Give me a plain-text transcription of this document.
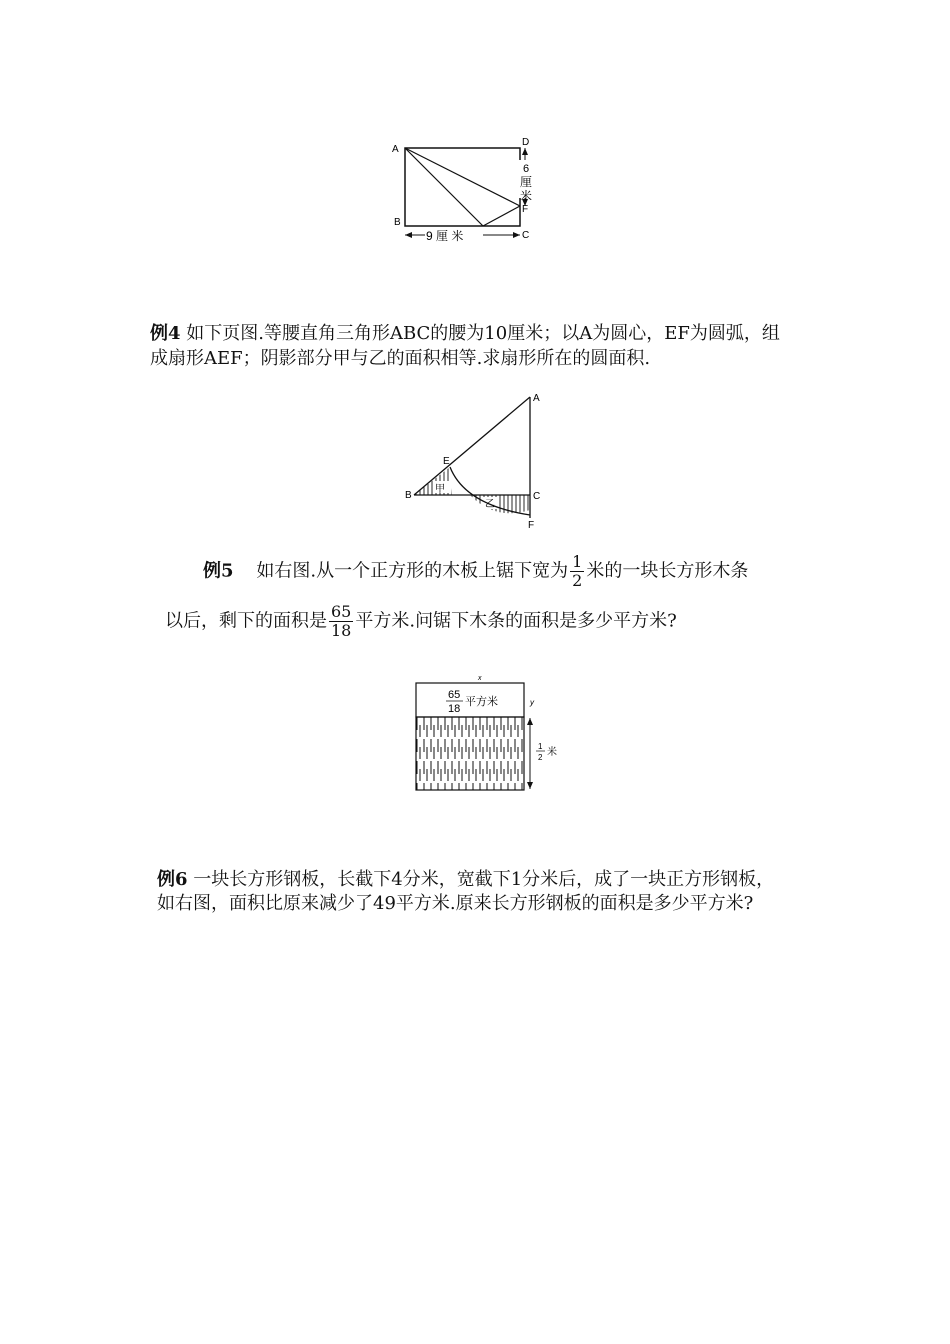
A
B
C
D
F
6
厘
米
9 厘 米
例4 如下页图.等腰直角三角形ABC的腰为10厘米；以A为圆心，EF为圆弧，组
成扇形AEF；阴影部分甲与乙的面积相等.求扇形所在的圆面积.
A
E
B	C
F
甲
乙
例5 如右图.从一个正方形的木板上锯下宽为 $\frac{1}{2}$ 米的一块长方形木条
以后，剩下的面积是 $\frac{65}{18}$ 平方米.问锯下木条的面积是多少平方米?
x
65
18
平方米	y
1
2 米
例6 一块长方形钢板，长截下4分米，宽截下1分米后，成了一块正方形钢板，
如右图，面积比原来减少了49平方米.原来长方形钢板的面积是多少平方米?
